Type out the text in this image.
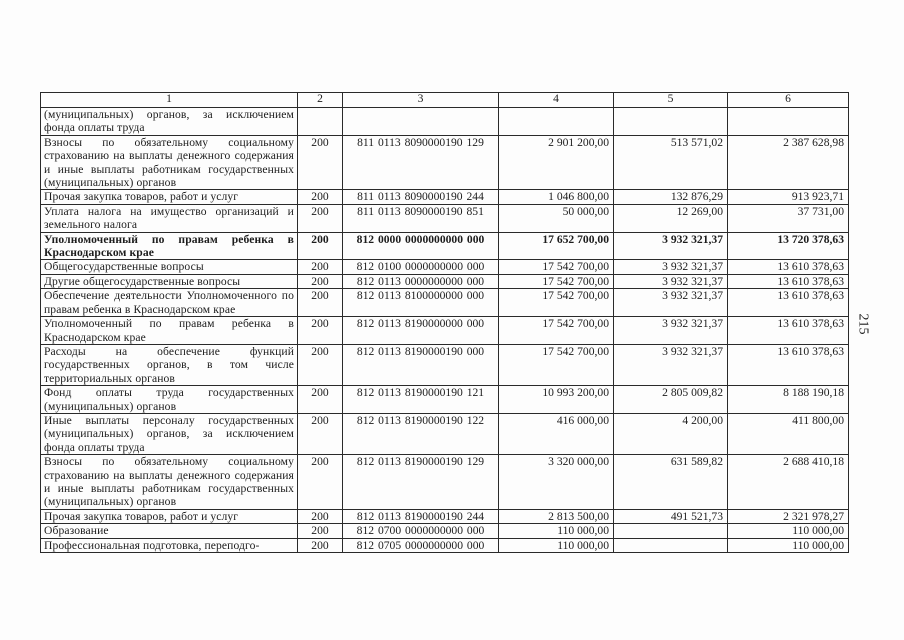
1	2	3	4	5	6
(муниципальных) органов, за исключением фонда оплаты труда					
Взносы по обязательному социальному страхованию на выплаты денежного содержания и иные выплаты работникам государственных (муниципальных) органов	200	811 0113 8090000190 129	2 901 200,00	513 571,02	2 387 628,98
Прочая закупка товаров, работ и услуг	200	811 0113 8090000190 244	1 046 800,00	132 876,29	913 923,71
Уплата налога на имущество организаций и земельного налога	200	811 0113 8090000190 851	50 000,00	12 269,00	37 731,00
Уполномоченный по правам ребенка в Краснодарском крае	200	812 0000 0000000000 000	17 652 700,00	3 932 321,37	13 720 378,63
Общегосударственные вопросы	200	812 0100 0000000000 000	17 542 700,00	3 932 321,37	13 610 378,63
Другие общегосударственные вопросы	200	812 0113 0000000000 000	17 542 700,00	3 932 321,37	13 610 378,63
Обеспечение деятельности Уполномоченного по правам ребенка в Краснодарском крае	200	812 0113 8100000000 000	17 542 700,00	3 932 321,37	13 610 378,63
Уполномоченный по правам ребенка в Краснодарском крае	200	812 0113 8190000000 000	17 542 700,00	3 932 321,37	13 610 378,63
Расходы на обеспечение функций государственных органов, в том числе территориальных органов	200	812 0113 8190000190 000	17 542 700,00	3 932 321,37	13 610 378,63
Фонд оплаты труда государственных (муниципальных) органов	200	812 0113 8190000190 121	10 993 200,00	2 805 009,82	8 188 190,18
Иные выплаты персоналу государственных (муниципальных) органов, за исключением фонда оплаты труда	200	812 0113 8190000190 122	416 000,00	4 200,00	411 800,00
Взносы по обязательному социальному страхованию на выплаты денежного содержания и иные выплаты работникам государственных (муниципальных) органов	200	812 0113 8190000190 129	3 320 000,00	631 589,82	2 688 410,18
Прочая закупка товаров, работ и услуг	200	812 0113 8190000190 244	2 813 500,00	491 521,73	2 321 978,27
Образование	200	812 0700 0000000000 000	110 000,00		110 000,00
Профессиональная подготовка, переподго-	200	812 0705 0000000000 000	110 000,00		110 000,00
215
